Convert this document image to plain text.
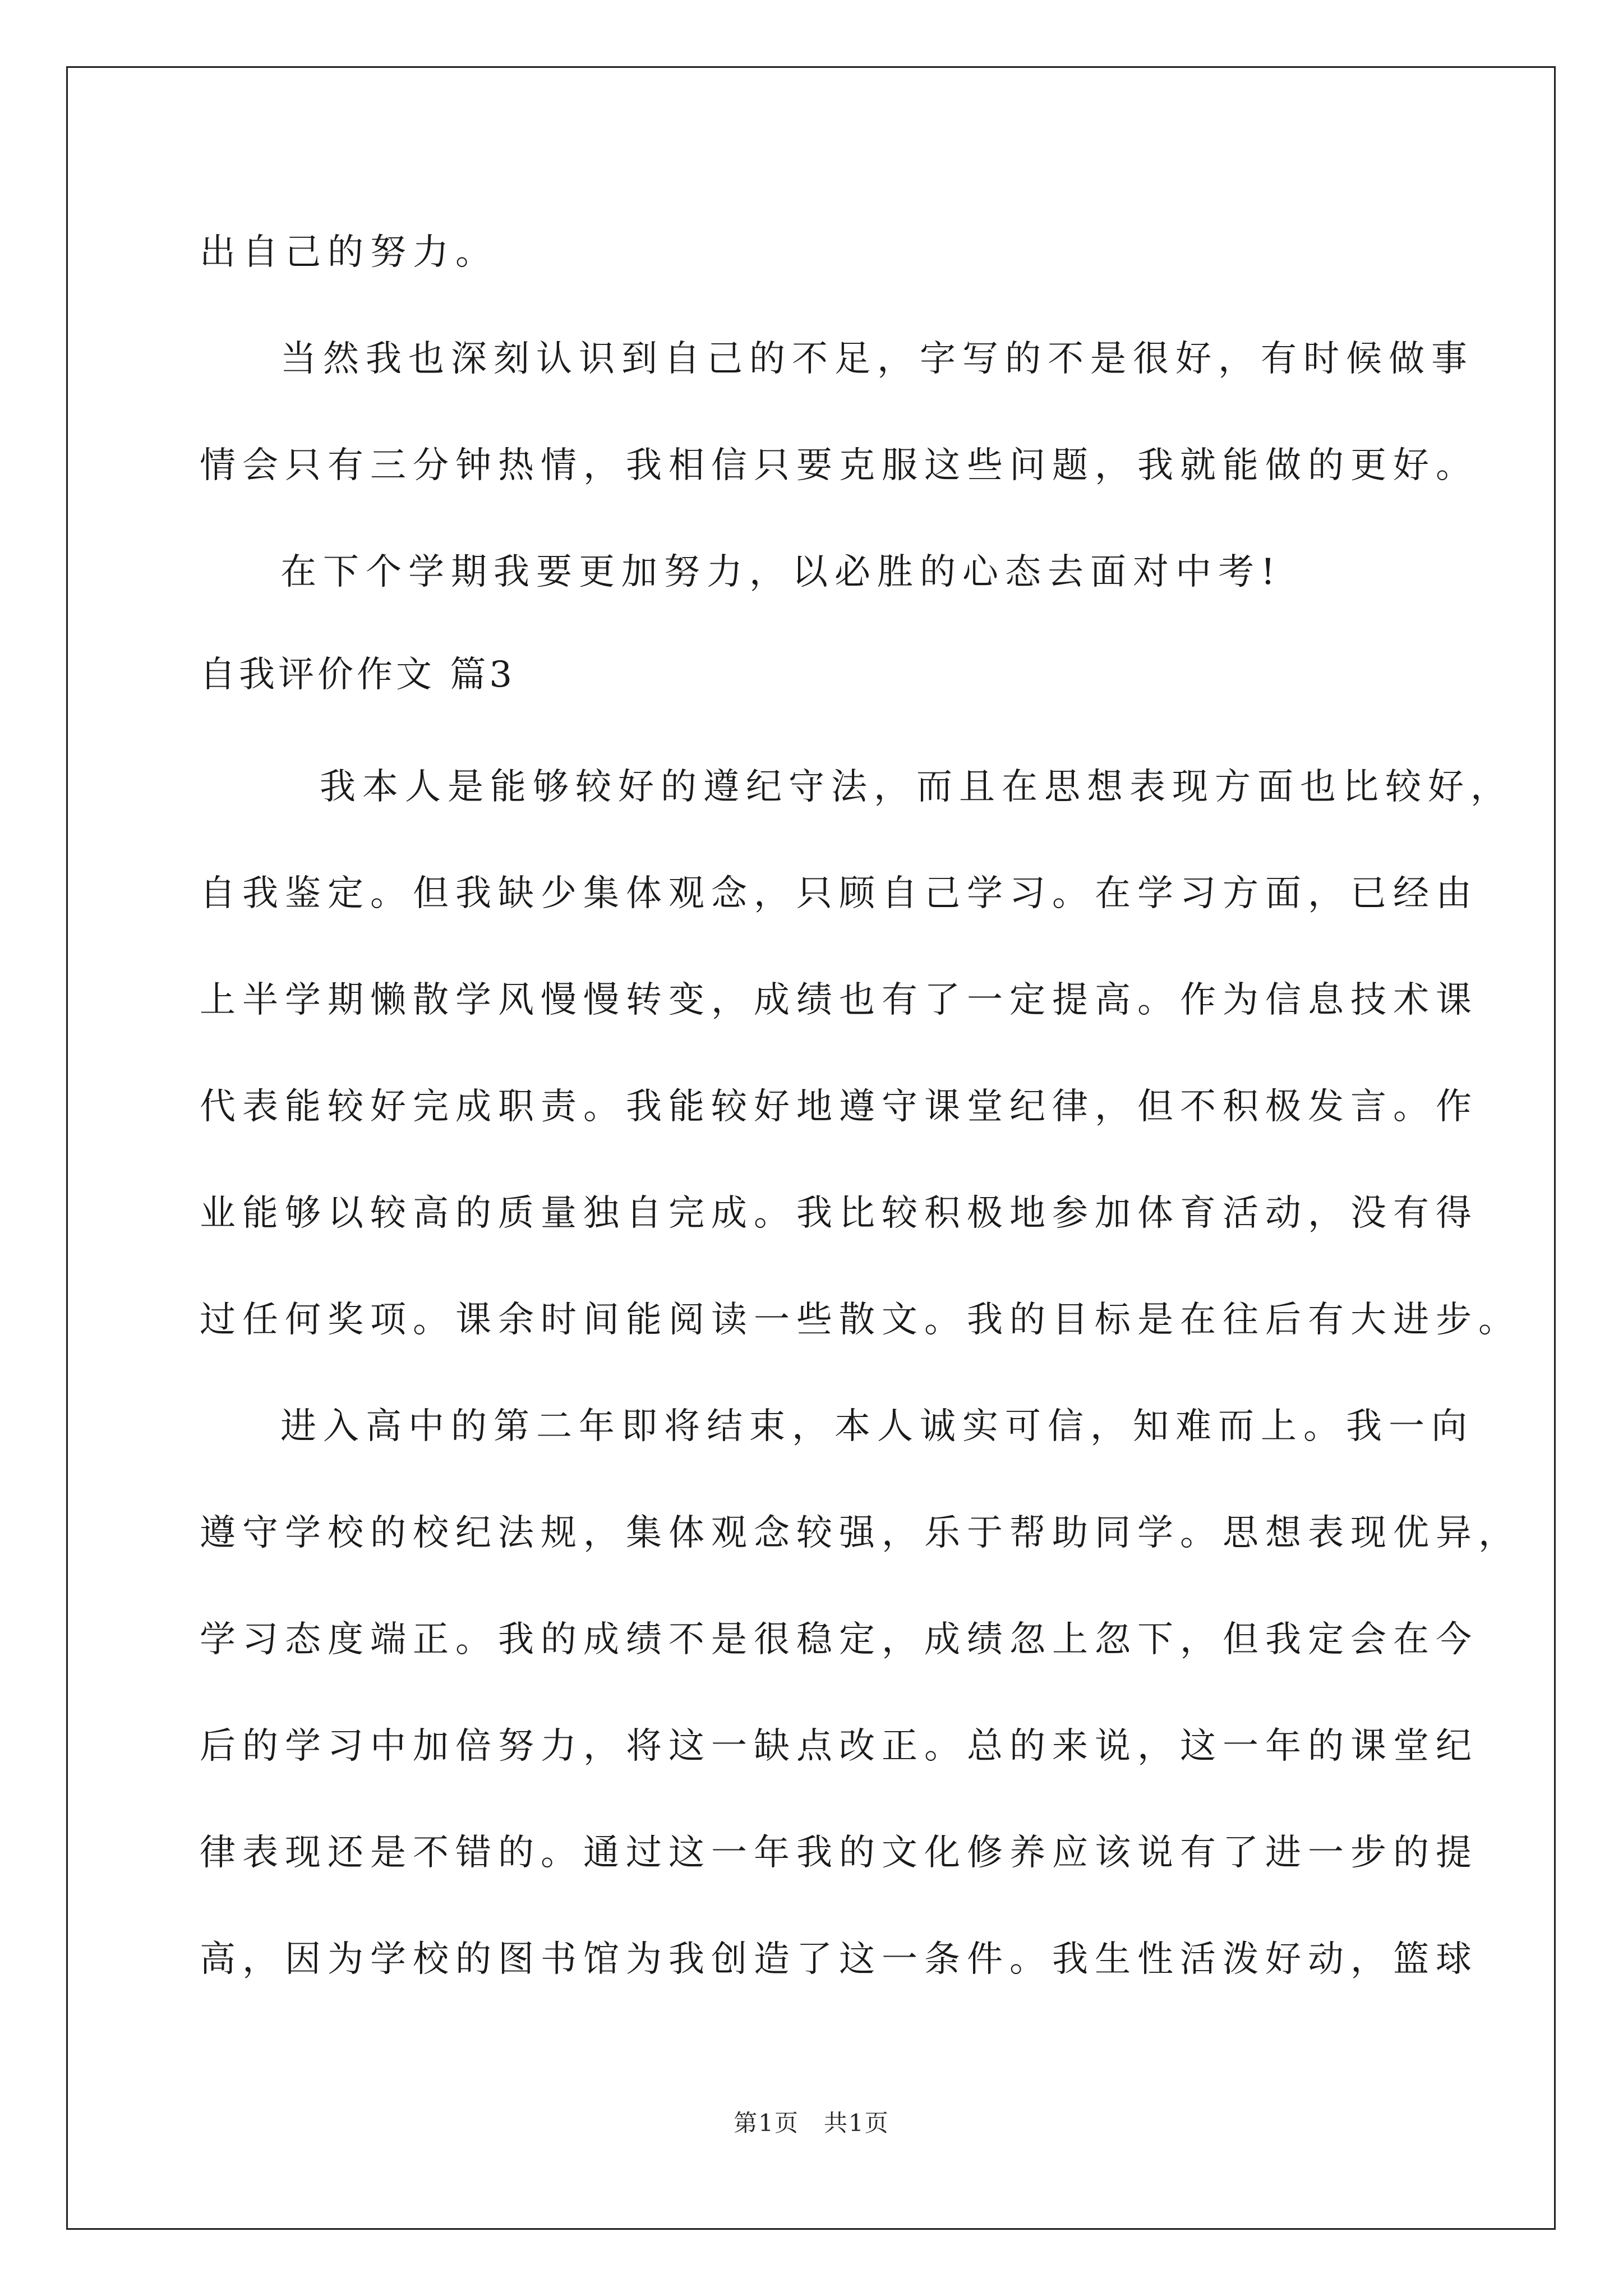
出自己的努力。
当然我也深刻认识到自己的不足，字写的不是很好，有时候做事
情会只有三分钟热情，我相信只要克服这些问题，我就能做的更好。
在下个学期我要更加努力，以必胜的心态去面对中考!
自我评价作文 篇3
我本人是能够较好的遵纪守法，而且在思想表现方面也比较好，
自我鉴定。但我缺少集体观念，只顾自己学习。在学习方面，已经由
上半学期懒散学风慢慢转变，成绩也有了一定提高。作为信息技术课
代表能较好完成职责。我能较好地遵守课堂纪律，但不积极发言。作
业能够以较高的质量独自完成。我比较积极地参加体育活动，没有得
过任何奖项。课余时间能阅读一些散文。我的目标是在往后有大进步。
进入高中的第二年即将结束，本人诚实可信，知难而上。我一向
遵守学校的校纪法规，集体观念较强，乐于帮助同学。思想表现优异，
学习态度端正。我的成绩不是很稳定，成绩忽上忽下，但我定会在今
后的学习中加倍努力，将这一缺点改正。总的来说，这一年的课堂纪
律表现还是不错的。通过这一年我的文化修养应该说有了进一步的提
高，因为学校的图书馆为我创造了这一条件。我生性活泼好动，篮球
第1页　共1页
